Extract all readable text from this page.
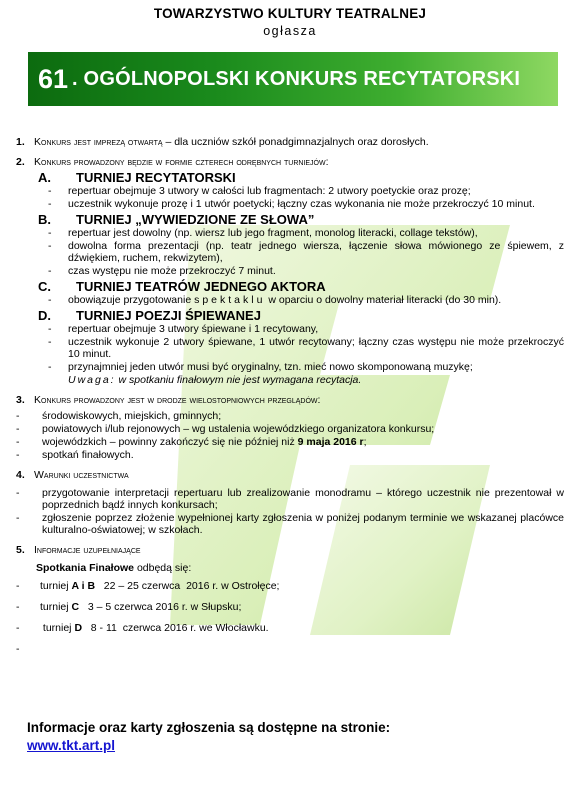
TOWARZYSTWO KULTURY TEATRALNEJ
ogłasza
61 . OGÓLNOPOLSKI KONKURS RECYTATORSKI
1. Konkurs jest imprezą otwartą – dla uczniów szkół ponadgimnazjalnych oraz dorosłych.
2. Konkurs prowadzony będzie w formie czterech odrębnych turniejów:
A.	TURNIEJ RECYTATORSKI
- repertuar obejmuje 3 utwory w całości lub fragmentach: 2 utwory poetyckie oraz prozę;
- uczestnik wykonuje prozę i 1 utwór poetycki; łączny czas wykonania nie może przekroczyć 10 minut.
B.	TURNIEJ „WYWIEDZIONE ZE SŁOWA”
- repertuar jest dowolny (np. wiersz lub jego fragment, monolog literacki, collage tekstów),
- dowolna forma prezentacji (np. teatr jednego wiersza, łączenie słowa mówionego ze śpiewem, z dźwiękiem, ruchem, rekwizytem),
- czas występu nie może przekroczyć 7 minut.
C.	TURNIEJ TEATRÓW JEDNEGO AKTORA
- obowiązuje przygotowanie spektaklu w oparciu o dowolny materiał literacki (do 30 min).
D.	TURNIEJ POEZJI ŚPIEWANEJ
- repertuar obejmuje 3 utwory śpiewane i 1 recytowany,
- uczestnik wykonuje 2 utwory śpiewane, 1 utwór recytowany; łączny czas występu nie może przekroczyć 10 minut.
- przynajmniej jeden utwór musi być oryginalny, tzn. mieć nowo skomponowaną muzykę;
Uwaga: w spotkaniu finałowym nie jest wymagana recytacja.
3. Konkurs prowadzony jest w drodze wielostopniowych przeglądów:
- środowiskowych, miejskich, gminnych;
- powiatowych i/lub rejonowych – wg ustalenia wojewódzkiego organizatora konkursu;
- wojewódzkich – powinny zakończyć się nie później niż 9 maja 2016 r;
- spotkań finałowych.
4. Warunki uczestnictwa
- przygotowanie interpretacji repertuaru lub zrealizowanie monodramu – którego uczestnik nie prezentował w poprzednich bądź innych konkursach;
- zgłoszenie poprzez złożenie wypełnionej karty zgłoszenia w poniżej podanym terminie we wskazanej placówce kulturalno-oświatowej; w szkołach.
5. Informacje uzupełniające
Spotkania Finałowe odbędą się:
-	turniej A i B   22 – 25 czerwca  2016 r. w Ostrołęce;
-	turniej C   3 – 5 czerwca 2016 r. w Słupsku;
-	turniej D   8 - 11  czerwca 2016 r. we Włocławku.
-
Informacje oraz karty zgłoszenia są dostępne na stronie:
www.tkt.art.pl
